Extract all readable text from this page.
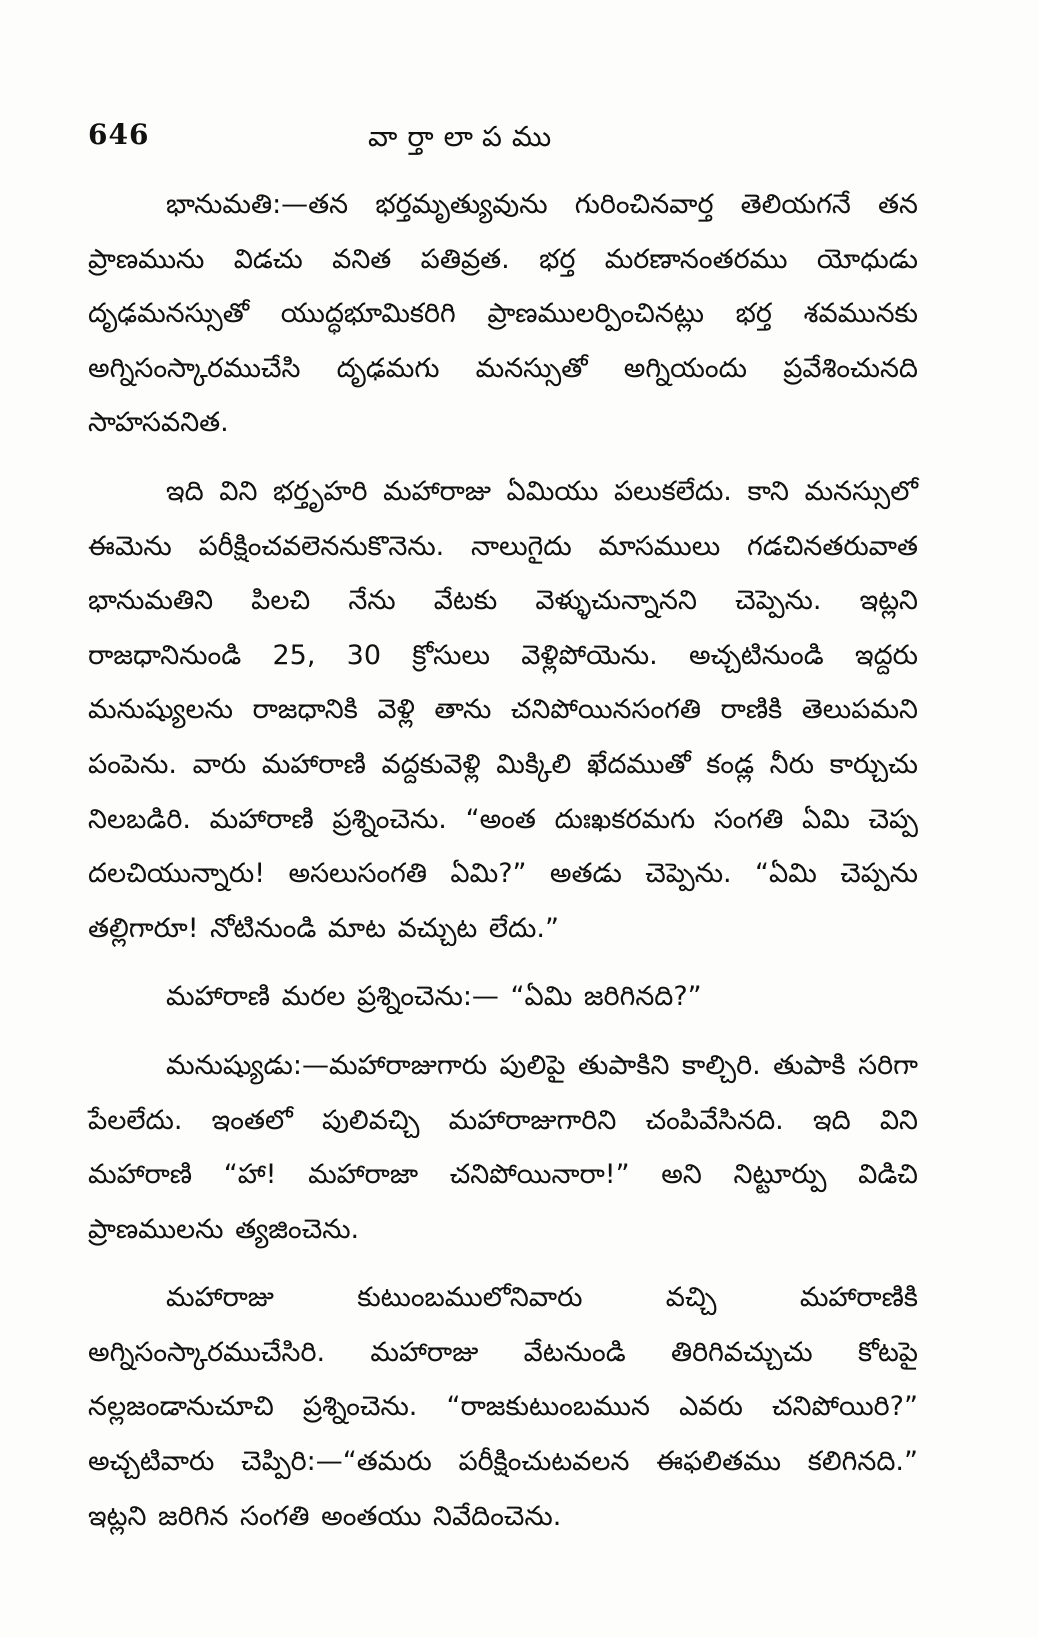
646	వార్తాలాపము

భానుమతి:—తన భర్తమృత్యువును గురించినవార్త తెలియగనే తన ప్రాణమును విడచు వనిత పతివ్రత. భర్త మరణానంతరము యోధుడు దృఢమనస్సుతో యుద్ధభూమికరిగి ప్రాణములర్పించినట్లు భర్త శవమునకు అగ్నిసంస్కారముచేసి దృఢమగు మనస్సుతో అగ్నియందు ప్రవేశించునది సాహసవనిత.

ఇది విని భర్తృహరి మహారాజు ఏమియు పలుకలేదు. కాని మనస్సులో ఈమెను పరీక్షించవలెననుకొనెను. నాలుగైదు మాసములు గడచినతరువాత భానుమతిని పిలచి నేను వేటకు వెళ్ళుచున్నానని చెప్పెను. ఇట్లని రాజధానినుండి 25, 30 క్రోసులు వెళ్లిపోయెను. అచ్చటినుండి ఇద్దరు మనుష్యులను రాజధానికి వెళ్లి తాను చనిపోయినసంగతి రాణికి తెలుపమని పంపెను. వారు మహారాణి వద్దకువెళ్లి మిక్కిలి ఖేదముతో కండ్ల నీరు కార్చుచు నిలబడిరి. మహారాణి ప్రశ్నించెను. “అంత దుఃఖకరమగు సంగతి ఏమి చెప్ప దలచియున్నారు! అసలుసంగతి ఏమి?” అతడు చెప్పెను. “ఏమి చెప్పను తల్లిగారూ! నోటినుండి మాట వచ్చుట లేదు.”

మహారాణి మరల ప్రశ్నించెను:— “ఏమి జరిగినది?”

మనుష్యుడు:—మహారాజుగారు పులిపై తుపాకిని కాల్చిరి. తుపాకి సరిగా పేలలేదు. ఇంతలో పులివచ్చి మహారాజుగారిని చంపివేసినది. ఇది విని మహారాణి “హా! మహారాజా చనిపోయినారా!” అని నిట్టూర్పు విడిచి ప్రాణములను త్యజించెను.

మహారాజు కుటుంబములోనివారు వచ్చి మహారాణికి అగ్నిసంస్కారముచేసిరి. మహారాజు వేటనుండి తిరిగివచ్చుచు కోటపై నల్లజండానుచూచి ప్రశ్నించెను. “రాజకుటుంబమున ఎవరు చనిపోయిరి?” అచ్చటివారు చెప్పిరి:—“తమరు పరీక్షించుటవలన ఈఫలితము కలిగినది.” ఇట్లని జరిగిన సంగతి అంతయు నివేదించెను.
